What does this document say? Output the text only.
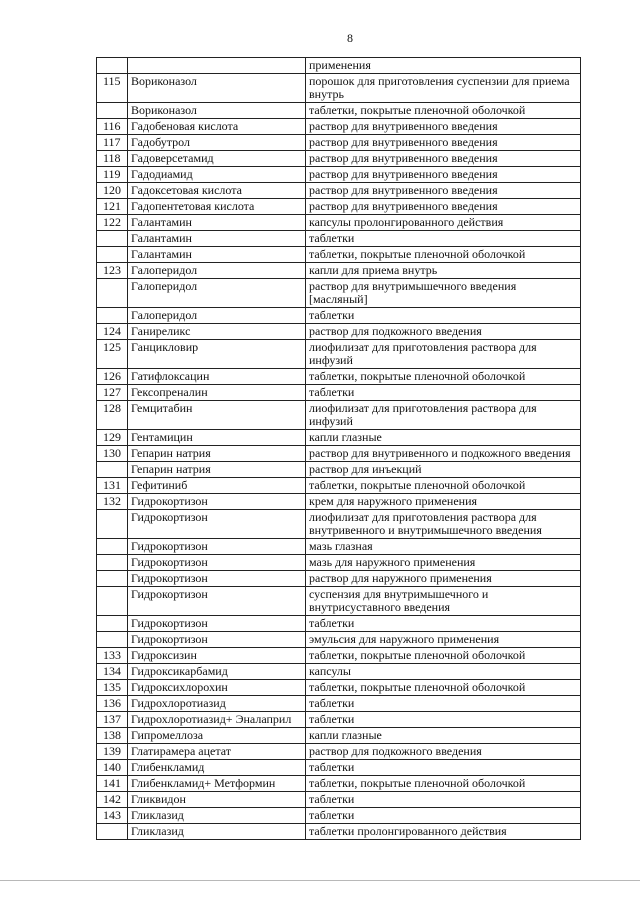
8
		применения
115	Вориконазол	порошок для приготовления суспензии для приема внутрь
	Вориконазол	таблетки, покрытые пленочной оболочкой
116	Гадобеновая кислота	раствор для внутривенного введения
117	Гадобутрол	раствор для внутривенного введения
118	Гадоверсетамид	раствор для внутривенного введения
119	Гадодиамид	раствор для внутривенного введения
120	Гадоксетовая кислота	раствор для внутривенного введения
121	Гадопентетовая кислота	раствор для внутривенного введения
122	Галантамин	капсулы пролонгированного действия
	Галантамин	таблетки
	Галантамин	таблетки, покрытые пленочной оболочкой
123	Галоперидол	капли для приема внутрь
	Галоперидол	раствор для внутримышечного введения [масляный]
	Галоперидол	таблетки
124	Ганиреликс	раствор для подкожного введения
125	Ганцикловир	лиофилизат для приготовления раствора для инфузий
126	Гатифлоксацин	таблетки, покрытые пленочной оболочкой
127	Гексопреналин	таблетки
128	Гемцитабин	лиофилизат для приготовления раствора для инфузий
129	Гентамицин	капли глазные
130	Гепарин натрия	раствор для внутривенного и подкожного введения
	Гепарин натрия	раствор для инъекций
131	Гефитиниб	таблетки, покрытые пленочной оболочкой
132	Гидрокортизон	крем для наружного применения
	Гидрокортизон	лиофилизат для приготовления раствора для внутривенного и внутримышечного введения
	Гидрокортизон	мазь глазная
	Гидрокортизон	мазь для наружного применения
	Гидрокортизон	раствор для наружного применения
	Гидрокортизон	суспензия для внутримышечного и внутрисуставного введения
	Гидрокортизон	таблетки
	Гидрокортизон	эмульсия для наружного применения
133	Гидроксизин	таблетки, покрытые пленочной оболочкой
134	Гидроксикарбамид	капсулы
135	Гидроксихлорохин	таблетки, покрытые пленочной оболочкой
136	Гидрохлоротиазид	таблетки
137	Гидрохлоротиазид+ Эналаприл	таблетки
138	Гипромеллоза	капли глазные
139	Глатирамера ацетат	раствор для подкожного введения
140	Глибенкламид	таблетки
141	Глибенкламид+ Метформин	таблетки, покрытые пленочной оболочкой
142	Гликвидон	таблетки
143	Гликлазид	таблетки
	Гликлазид	таблетки пролонгированного действия
